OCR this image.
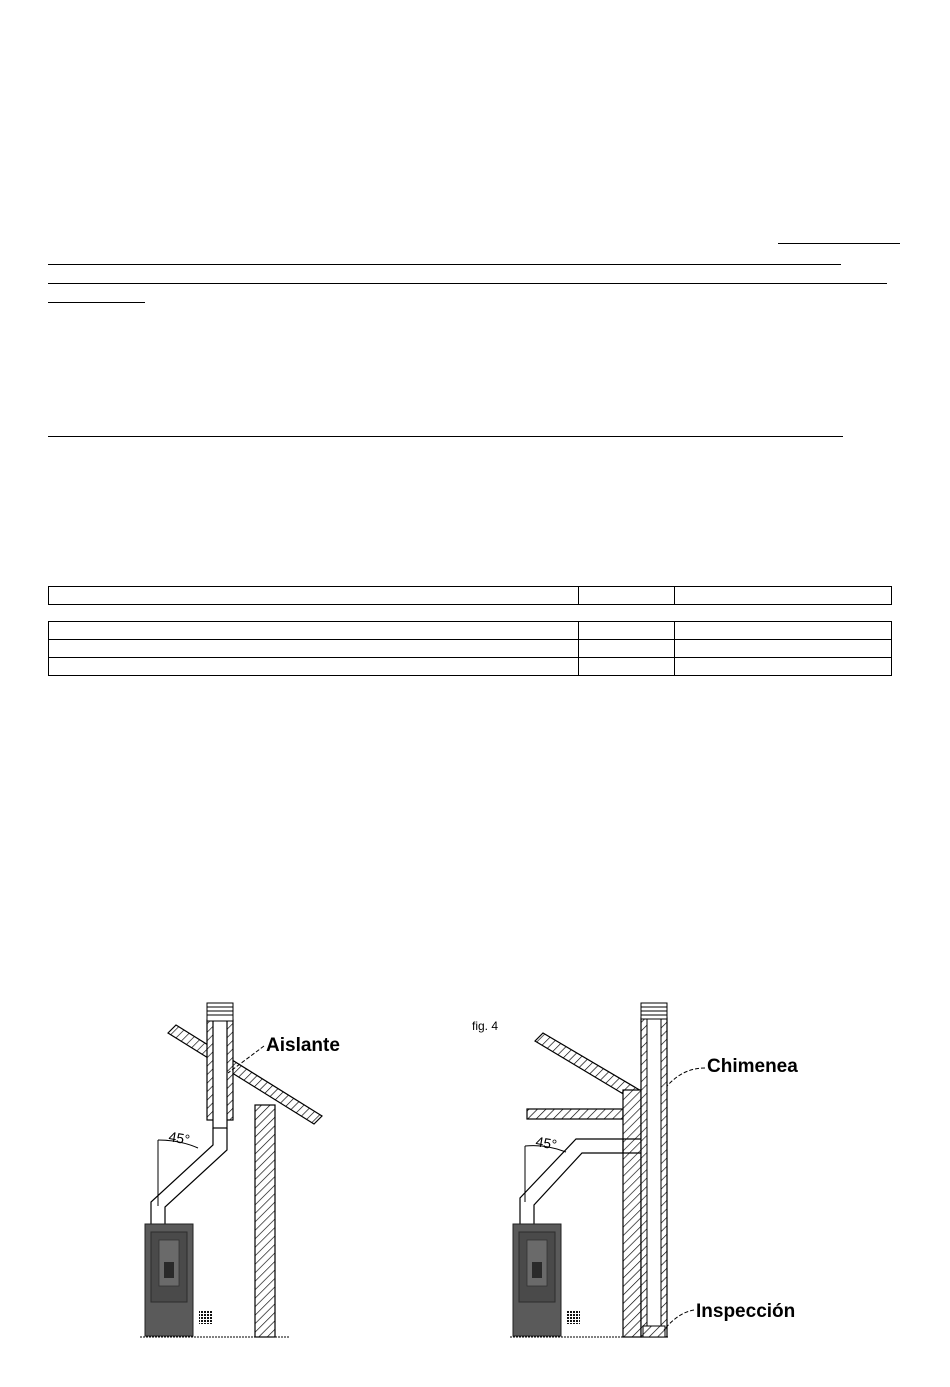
45°
Aislante
fig. 4
45°
Chimenea
Inspección
